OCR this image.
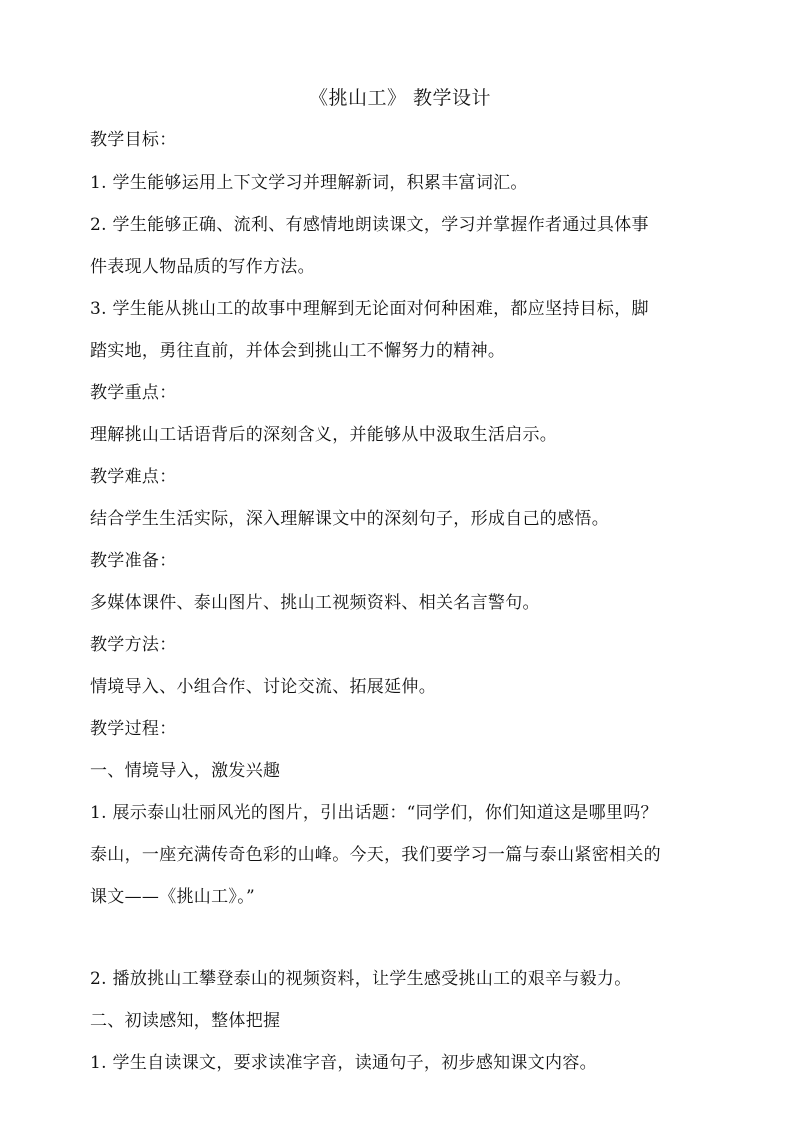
《挑山工》 教学设计
教学目标：
1. 学生能够运用上下文学习并理解新词，积累丰富词汇。
2. 学生能够正确、流利、有感情地朗读课文，学习并掌握作者通过具体事
件表现人物品质的写作方法。
3. 学生能从挑山工的故事中理解到无论面对何种困难，都应坚持目标，脚
踏实地，勇往直前，并体会到挑山工不懈努力的精神。
教学重点：
理解挑山工话语背后的深刻含义，并能够从中汲取生活启示。
教学难点：
结合学生生活实际，深入理解课文中的深刻句子，形成自己的感悟。
教学准备：
多媒体课件、泰山图片、挑山工视频资料、相关名言警句。
教学方法：
情境导入、小组合作、讨论交流、拓展延伸。
教学过程：
一、情境导入，激发兴趣
1. 展示泰山壮丽风光的图片，引出话题：“同学们，你们知道这是哪里吗？
泰山，一座充满传奇色彩的山峰。今天，我们要学习一篇与泰山紧密相关的
课文——《挑山工》。”
2. 播放挑山工攀登泰山的视频资料，让学生感受挑山工的艰辛与毅力。
二、初读感知，整体把握
1. 学生自读课文，要求读准字音，读通句子，初步感知课文内容。
